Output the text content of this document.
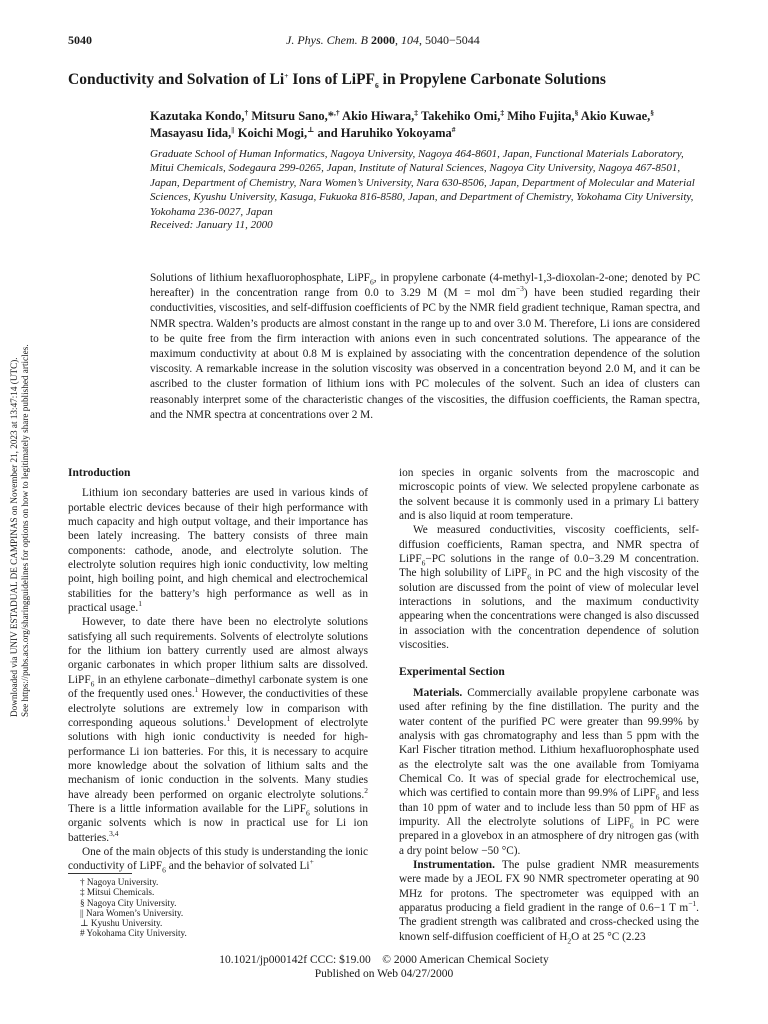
5040	J. Phys. Chem. B 2000, 104, 5040−5044
Conductivity and Solvation of Li+ Ions of LiPF$_6$ in Propylene Carbonate Solutions
Kazutaka Kondo,† Mitsuru Sano,*,† Akio Hiwara,‡ Takehiko Omi,‡ Miho Fujita,§ Akio Kuwae,§
Masayasu Iida,|| Koichi Mogi,⊥ and Haruhiko Yokoyama#
Graduate School of Human Informatics, Nagoya University, Nagoya 464-8601, Japan, Functional Materials Laboratory, Mitui Chemicals, Sodegaura 299-0265, Japan, Institute of Natural Sciences, Nagoya City University, Nagoya 467-8501, Japan, Department of Chemistry, Nara Women’s University, Nara 630-8506, Japan, Department of Molecular and Material Sciences, Kyushu University, Kasuga, Fukuoka 816-8580, Japan, and Department of Chemistry, Yokohama City University, Yokohama 236-0027, Japan
Received: January 11, 2000
Solutions of lithium hexafluorophosphate, LiPF$_6$, in propylene carbonate (4-methyl-1,3-dioxolan-2-one; denoted by PC hereafter) in the concentration range from 0.0 to 3.29 M (M = mol $dm^{-3}$) have been studied regarding their conductivities, viscosities, and self-diffusion coefficients of PC by the NMR field gradient technique, Raman spectra, and NMR spectra. Walden’s products are almost constant in the range up to and over 3.0 M. Therefore, Li ions are considered to be quite free from the firm interaction with anions even in such concentrated solutions. The appearance of the maximum conductivity at about 0.8 M is explained by associating with the concentration dependence of the solution viscosity. A remarkable increase in the solution viscosity was observed in a concentration beyond 2.0 M, and it can be ascribed to the cluster formation of lithium ions with PC molecules of the solvent. Such an idea of clusters can reasonably interpret some of the characteristic changes of the viscosities, the diffusion coefficients, the Raman spectra, and the NMR spectra at concentrations over 2 M.
Downloaded via UNIV ESTADUAL DE CAMPINAS on November 21, 2023 at 13:47:14 (UTC). See https://pubs.acs.org/sharingguidelines for options on how to legitimately share published articles.	Introduction

Lithium ion secondary batteries are used in various kinds of portable electric devices because of their high performance with much capacity and high output voltage, and their importance has been lately increasing. The battery consists of three main components: cathode, anode, and electrolyte solution. The electrolyte solution requires high ionic conductivity, low melting point, high boiling point, and high chemical and electrochemical stabilities for the battery’s high performance as well as in practical usage.$^1$

However, to date there have been no electrolyte solutions satisfying all such requirements. Solvents of electrolyte solutions for the lithium ion battery currently used are almost always organic carbonates in which proper lithium salts are dissolved. LiPF$_6$ in an ethylene carbonate−dimethyl carbonate system is one of the frequently used ones.$^1$ However, the conductivities of these electrolyte solutions are extremely low in comparison with corresponding aqueous solutions.$^1$ Development of electrolyte solutions with high ionic conductivity is needed for high-performance Li ion batteries. For this, it is necessary to acquire more knowledge about the solvation of lithium salts and the mechanism of ionic conduction in the solvents. Many studies have already been performed on organic electrolyte solutions.$^2$ There is a little information available for the LiPF$_6$ solutions in organic solvents which is now in practical use for Li ion batteries.$^{3,4}$

One of the main objects of this study is understanding the ionic conductivity of LiPF$_6$ and the behavior of solvated Li+

ion species in organic solvents from the macroscopic and microscopic points of view. We selected propylene carbonate as the solvent because it is commonly used in a primary Li battery and is also liquid at room temperature.

We measured conductivities, viscosity coefficients, self-diffusion coefficients, Raman spectra, and NMR spectra of LiPF$_6$−PC solutions in the range of 0.0−3.29 M concentration. The high solubility of LiPF$_6$ in PC and the high viscosity of the solution are discussed from the point of view of molecular level interactions in solutions, and the maximum conductivity appearing when the concentrations were changed is also discussed in association with the concentration dependence of solution viscosities.

Experimental Section

Materials. Commercially available propylene carbonate was used after refining by the fine distillation. The purity and the water content of the purified PC were greater than 99.99% by analysis with gas chromatography and less than 5 ppm with the Karl Fischer titration method. Lithium hexafluorophosphate used as the electrolyte salt was the one available from Tomiyama Chemical Co. It was of special grade for electrochemical use, which was certified to contain more than 99.9% of LiPF$_6$ and less than 10 ppm of water and to include less than 50 ppm of HF as impurity. All the electrolyte solutions of LiPF$_6$ in PC were prepared in a glovebox in an atmosphere of dry nitrogen gas (with a dry point below −50 °C).

Instrumentation. The pulse gradient NMR measurements were made by a JEOL FX 90 NMR spectrometer operating at 90 MHz for protons. The spectrometer was equipped with an apparatus producing a field gradient in the range of 0.6−1 T $m^{-1}$. The gradient strength was calibrated and cross-checked using the known self-diffusion coefficient of $H_2O$ at 25 °C (2.23

† Nagoya University.
‡ Mitsui Chemicals.
§ Nagoya City University.
|| Nara Women’s University.
⊥ Kyushu University.
# Yokohama City University.
10.1021/jp000142f CCC: $19.00    © 2000 American Chemical Society
Published on Web 04/27/2000
